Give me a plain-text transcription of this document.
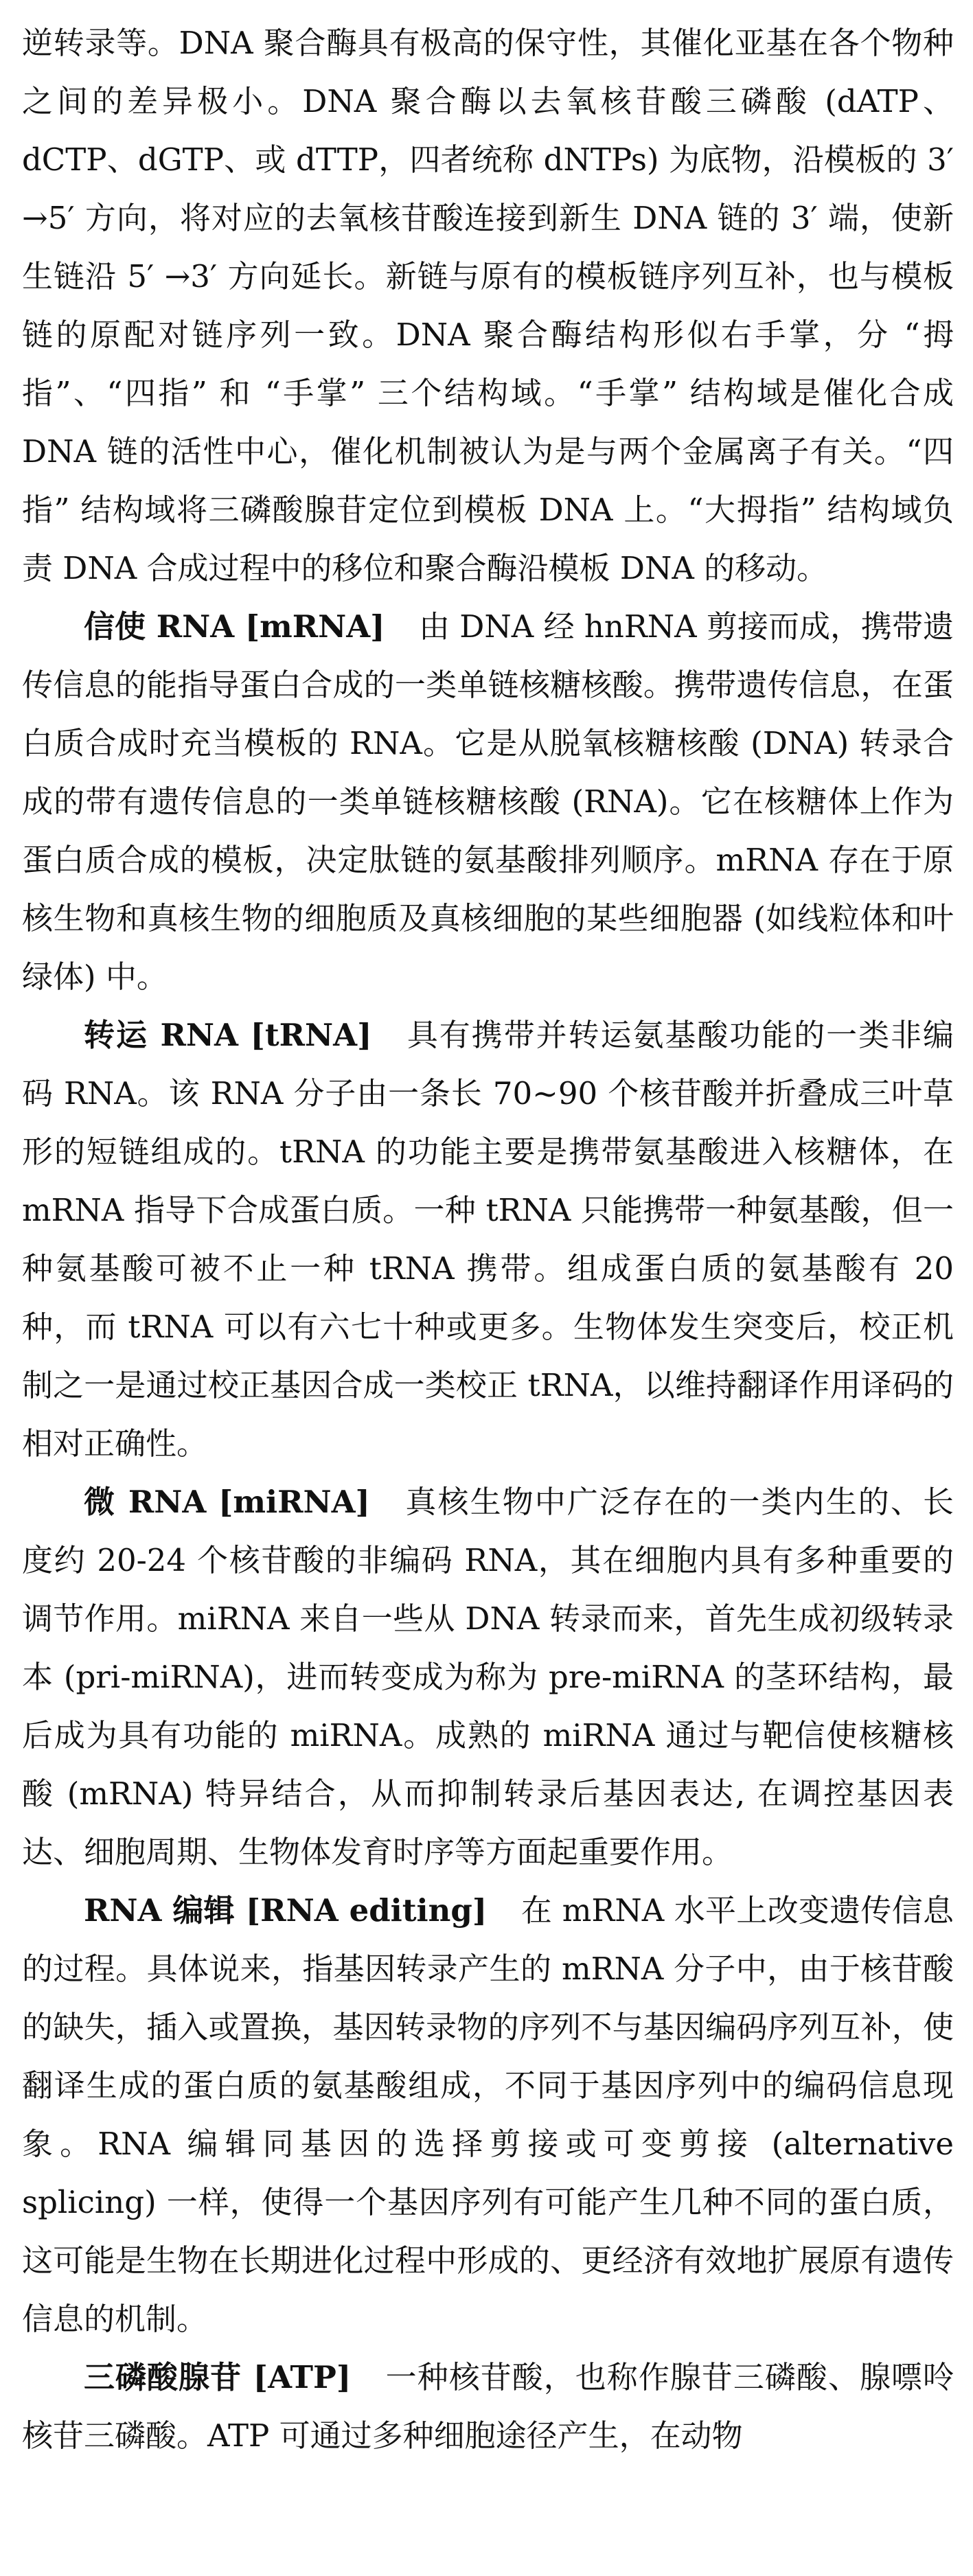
逆转录等。DNA 聚合酶具有极高的保守性，其催化亚基在各个物种之间的差异极小。DNA 聚合酶以去氧核苷酸三磷酸 (dATP、dCTP、dGTP、或 dTTP，四者统称 dNTPs) 为底物，沿模板的 3′ →5′ 方向，将对应的去氧核苷酸连接到新生 DNA 链的 3′ 端，使新生链沿 5′ →3′ 方向延长。新链与原有的模板链序列互补，也与模板链的原配对链序列一致。DNA 聚合酶结构形似右手掌，分 “拇指”、“四指” 和 “手掌” 三个结构域。“手掌” 结构域是催化合成 DNA 链的活性中心，催化机制被认为是与两个金属离子有关。“四指” 结构域将三磷酸腺苷定位到模板 DNA 上。“大拇指” 结构域负责 DNA 合成过程中的移位和聚合酶沿模板 DNA 的移动。

信使 RNA [mRNA] 由 DNA 经 hnRNA 剪接而成，携带遗传信息的能指导蛋白合成的一类单链核糖核酸。携带遗传信息，在蛋白质合成时充当模板的 RNA。它是从脱氧核糖核酸 (DNA) 转录合成的带有遗传信息的一类单链核糖核酸 (RNA)。它在核糖体上作为蛋白质合成的模板，决定肽链的氨基酸排列顺序。mRNA 存在于原核生物和真核生物的细胞质及真核细胞的某些细胞器 (如线粒体和叶绿体) 中。

转运 RNA [tRNA] 具有携带并转运氨基酸功能的一类非编码 RNA。该 RNA 分子由一条长 70~90 个核苷酸并折叠成三叶草形的短链组成的。tRNA 的功能主要是携带氨基酸进入核糖体，在 mRNA 指导下合成蛋白质。一种 tRNA 只能携带一种氨基酸，但一种氨基酸可被不止一种 tRNA 携带。组成蛋白质的氨基酸有 20 种，而 tRNA 可以有六七十种或更多。生物体发生突变后，校正机制之一是通过校正基因合成一类校正 tRNA，以维持翻译作用译码的相对正确性。

微 RNA [miRNA] 真核生物中广泛存在的一类内生的、长度约 20-24 个核苷酸的非编码 RNA，其在细胞内具有多种重要的调节作用。miRNA 来自一些从 DNA 转录而来，首先生成初级转录本 (pri-miRNA)，进而转变成为称为 pre-miRNA 的茎环结构，最后成为具有功能的 miRNA。成熟的 miRNA 通过与靶信使核糖核酸 (mRNA) 特异结合，从而抑制转录后基因表达, 在调控基因表达、细胞周期、生物体发育时序等方面起重要作用。

RNA 编辑 [RNA editing] 在 mRNA 水平上改变遗传信息的过程。具体说来，指基因转录产生的 mRNA 分子中，由于核苷酸的缺失，插入或置换，基因转录物的序列不与基因编码序列互补，使翻译生成的蛋白质的氨基酸组成，不同于基因序列中的编码信息现象。RNA 编辑同基因的选择剪接或可变剪接 (alternative splicing) 一样，使得一个基因序列有可能产生几种不同的蛋白质，这可能是生物在长期进化过程中形成的、更经济有效地扩展原有遗传信息的机制。

三磷酸腺苷 [ATP] 一种核苷酸，也称作腺苷三磷酸、腺嘌呤核苷三磷酸。ATP 可通过多种细胞途径产生，在动物
